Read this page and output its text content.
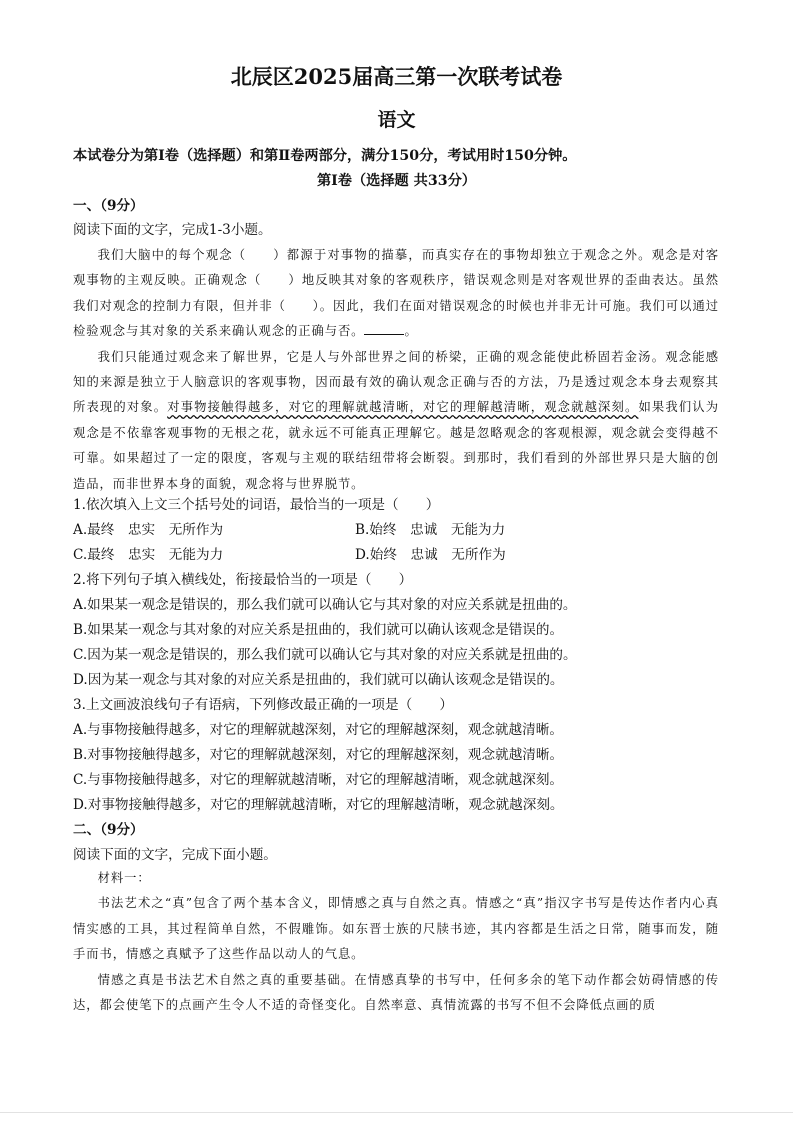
北辰区2025届高三第一次联考试卷
语文
本试卷分为第Ⅰ卷（选择题）和第Ⅱ卷两部分，满分150分，考试用时150分钟。
第Ⅰ卷（选择题 共33分）
一、（9分）
阅读下面的文字，完成1-3小题。

我们大脑中的每个观念（　　）都源于对事物的描摹，而真实存在的事物却独立于观念之外。观念是对客观事物的主观反映。正确观念（　　）地反映其对象的客观秩序，错误观念则是对客观世界的歪曲表达。虽然我们对观念的控制力有限，但并非（　　）。因此，我们在面对错误观念的时候也并非无计可施。我们可以通过检验观念与其对象的关系来确认观念的正确与否。	。

我们只能通过观念来了解世界，它是人与外部世界之间的桥梁，正确的观念能使此桥固若金汤。观念能感知的来源是独立于人脑意识的客观事物，因而最有效的确认观念正确与否的方法，乃是透过观念本身去观察其所表现的对象。对事物接触得越多，对它的理解就越清晰，对它的理解越清晰，观念就越深刻。如果我们认为观念是不依靠客观事物的无根之花，就永远不可能真正理解它。越是忽略观念的客观根源，观念就会变得越不可靠。如果超过了一定的限度，客观与主观的联结纽带将会断裂。到那时，我们看到的外部世界只是大脑的创造品，而非世界本身的面貌，观念将与世界脱节。

1.依次填入上文三个括号处的词语，最恰当的一项是（　　）
A.最终　忠实　无所作为	B.始终　忠诚　无能为力
C.最终　忠实　无能为力	D.始终　忠诚　无所作为
2.将下列句子填入横线处，衔接最恰当的一项是（　　）
A.如果某一观念是错误的，那么我们就可以确认它与其对象的对应关系就是扭曲的。
B.如果某一观念与其对象的对应关系是扭曲的，我们就可以确认该观念是错误的。
C.因为某一观念是错误的，那么我们就可以确认它与其对象的对应关系就是扭曲的。
D.因为某一观念与其对象的对应关系是扭曲的，我们就可以确认该观念是错误的。
3.上文画波浪线句子有语病，下列修改最正确的一项是（　　）
A.与事物接触得越多，对它的理解就越深刻，对它的理解越深刻，观念就越清晰。
B.对事物接触得越多，对它的理解就越深刻，对它的理解越深刻，观念就越清晰。
C.与事物接触得越多，对它的理解就越清晰，对它的理解越清晰，观念就越深刻。
D.对事物接触得越多，对它的理解就越清晰，对它的理解越清晰，观念就越深刻。
二、（9分）
阅读下面的文字，完成下面小题。

材料一：

书法艺术之“真”包含了两个基本含义，即情感之真与自然之真。情感之“真”指汉字书写是传达作者内心真情实感的工具，其过程简单自然，不假雕饰。如东晋士族的尺牍书迹，其内容都是生活之日常，随事而发，随手而书，情感之真赋予了这些作品以动人的气息。

情感之真是书法艺术自然之真的重要基础。在情感真挚的书写中，任何多余的笔下动作都会妨碍情感的传达，都会使笔下的点画产生令人不适的奇怪变化。自然率意、真情流露的书写不但不会降低点画的质
